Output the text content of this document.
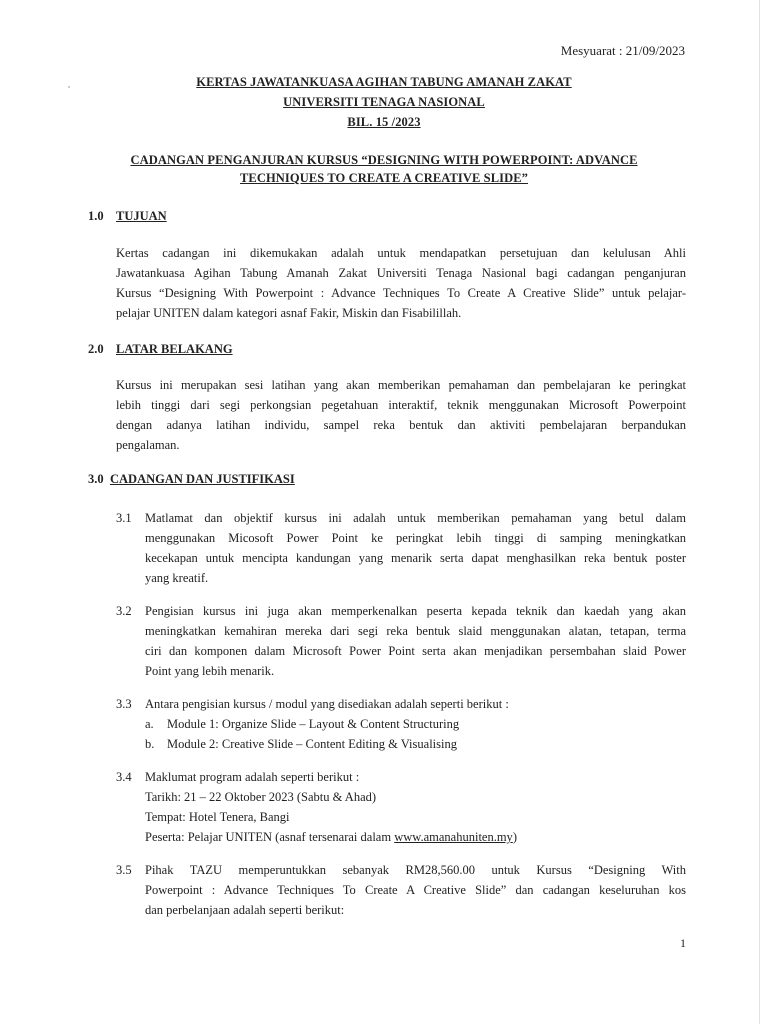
Mesyuarat : 21/09/2023
KERTAS JAWATANKUASA AGIHAN TABUNG AMANAH ZAKAT
UNIVERSITI TENAGA NASIONAL
BIL. 15 /2023
CADANGAN PENGANJURAN KURSUS “DESIGNING WITH POWERPOINT: ADVANCE
TECHNIQUES TO CREATE A CREATIVE SLIDE”
1.0 TUJUAN
Kertas cadangan ini dikemukakan adalah untuk mendapatkan persetujuan dan kelulusan Ahli
Jawatankuasa Agihan Tabung Amanah Zakat Universiti Tenaga Nasional bagi cadangan penganjuran
Kursus “Designing With Powerpoint : Advance Techniques To Create A Creative Slide” untuk pelajar-
pelajar UNITEN dalam kategori asnaf Fakir, Miskin dan Fisabilillah.
2.0 LATAR BELAKANG
Kursus ini merupakan sesi latihan yang akan memberikan pemahaman dan pembelajaran ke peringkat
lebih tinggi dari segi perkongsian pegetahuan interaktif, teknik menggunakan Microsoft Powerpoint
dengan adanya latihan individu, sampel reka bentuk dan aktiviti pembelajaran berpandukan
pengalaman.
3.0 CADANGAN DAN JUSTIFIKASI
3.1 Matlamat dan objektif kursus ini adalah untuk memberikan pemahaman yang betul dalam
menggunakan Micosoft Power Point ke peringkat lebih tinggi di samping meningkatkan
kecekapan untuk mencipta kandungan yang menarik serta dapat menghasilkan reka bentuk poster
yang kreatif.
3.2 Pengisian kursus ini juga akan memperkenalkan peserta kepada teknik dan kaedah yang akan
meningkatkan kemahiran mereka dari segi reka bentuk slaid menggunakan alatan, tetapan, terma
ciri dan komponen dalam Microsoft Power Point serta akan menjadikan persembahan slaid Power
Point yang lebih menarik.
3.3 Antara pengisian kursus / modul yang disediakan adalah seperti berikut :
a. Module 1: Organize Slide – Layout & Content Structuring
b. Module 2: Creative Slide – Content Editing & Visualising
3.4 Maklumat program adalah seperti berikut :
Tarikh: 21 – 22 Oktober 2023 (Sabtu & Ahad)
Tempat: Hotel Tenera, Bangi
Peserta: Pelajar UNITEN (asnaf tersenarai dalam www.amanahuniten.my)
3.5 Pihak TAZU memperuntukkan sebanyak RM28,560.00 untuk Kursus “Designing With
Powerpoint : Advance Techniques To Create A Creative Slide” dan cadangan keseluruhan kos
dan perbelanjaan adalah seperti berikut:
1
